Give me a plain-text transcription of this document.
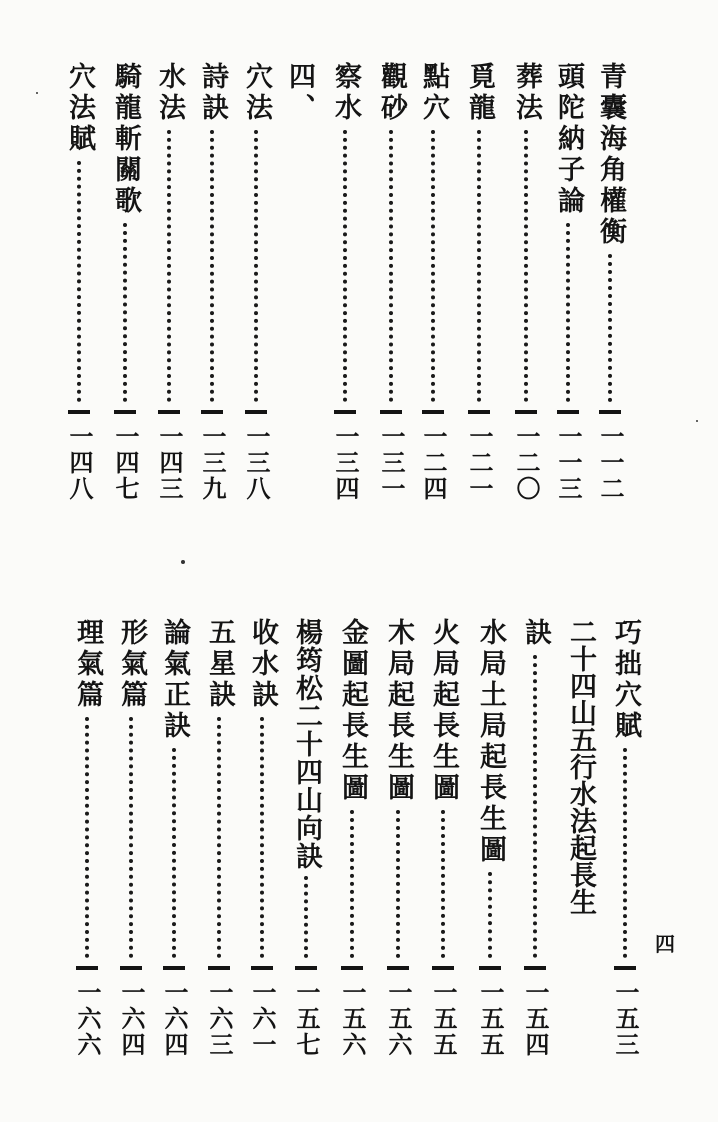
青囊海角權衡
一一二
頭陀納子論
一一三
葬法
一二〇
覓龍
一二一
點穴
一二四
觀砂
一三一
察水
一三四
四、
穴法
一三八
詩訣
一三九
水法
一四三
騎龍斬關歌
一四七
穴法賦
一四八
巧拙穴賦
一五三
二十四山五行水法起長生
訣
一五四
水局土局起長生圖
一五五
火局起長生圖
一五五
木局起長生圖
一五六
金圖起長生圖
一五六
楊筠松二十四山向訣
一五七
收水訣
一六一
五星訣
一六三
論氣正訣
一六四
形氣篇
一六四
理氣篇
一六六
四
